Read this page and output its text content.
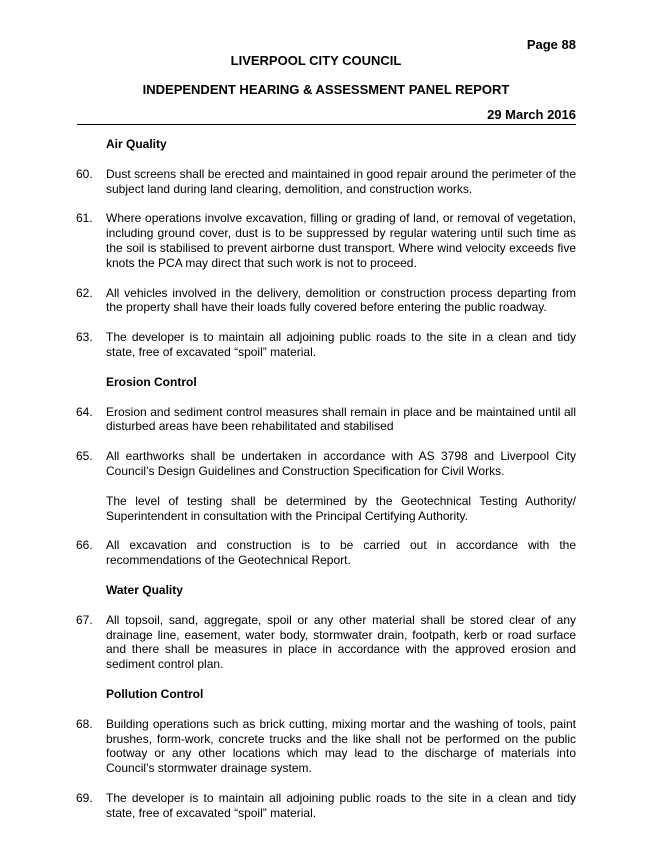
Page 88
LIVERPOOL CITY COUNCIL
INDEPENDENT HEARING & ASSESSMENT PANEL REPORT
29 March 2016
Air Quality
60.	Dust screens shall be erected and maintained in good repair around the perimeter of the subject land during land clearing, demolition, and construction works.
61.	Where operations involve excavation, filling or grading of land, or removal of vegetation, including ground cover, dust is to be suppressed by regular watering until such time as the soil is stabilised to prevent airborne dust transport. Where wind velocity exceeds five knots the PCA may direct that such work is not to proceed.
62.	All vehicles involved in the delivery, demolition or construction process departing from the property shall have their loads fully covered before entering the public roadway.
63.	The developer is to maintain all adjoining public roads to the site in a clean and tidy state, free of excavated “spoil” material.
Erosion Control
64.	Erosion and sediment control measures shall remain in place and be maintained until all disturbed areas have been rehabilitated and stabilised
65.	All earthworks shall be undertaken in accordance with AS 3798 and Liverpool City Council’s Design Guidelines and Construction Specification for Civil Works.
The level of testing shall be determined by the Geotechnical Testing Authority/ Superintendent in consultation with the Principal Certifying Authority.
66.	All excavation and construction is to be carried out in accordance with the recommendations of the Geotechnical Report.
Water Quality
67.	All topsoil, sand, aggregate, spoil or any other material shall be stored clear of any drainage line, easement, water body, stormwater drain, footpath, kerb or road surface and there shall be measures in place in accordance with the approved erosion and sediment control plan.
Pollution Control
68.	Building operations such as brick cutting, mixing mortar and the washing of tools, paint brushes, form-work, concrete trucks and the like shall not be performed on the public footway or any other locations which may lead to the discharge of materials into Council’s stormwater drainage system.
69.	The developer is to maintain all adjoining public roads to the site in a clean and tidy state, free of excavated “spoil” material.
